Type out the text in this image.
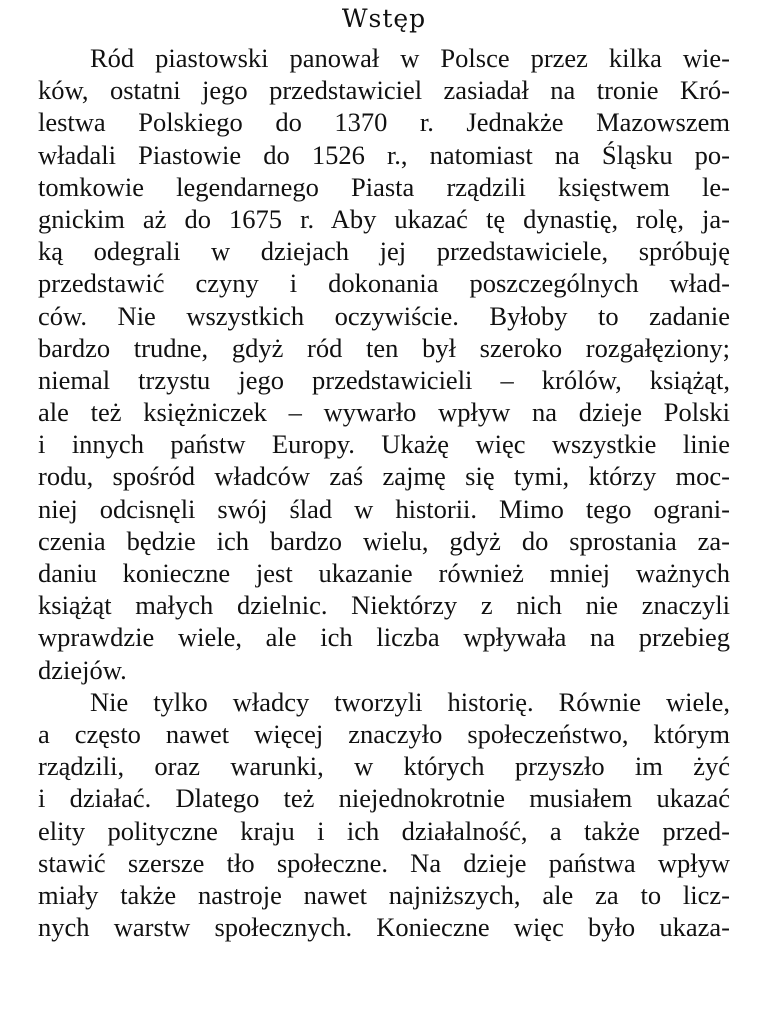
Wstęp
Ród piastowski panował w Polsce przez kilka wie-
ków, ostatni jego przedstawiciel zasiadał na tronie Kró-
lestwa Polskiego do 1370 r. Jednakże Mazowszem
władali Piastowie do 1526 r., natomiast na Śląsku po-
tomkowie legendarnego Piasta rządzili księstwem le-
gnickim aż do 1675 r. Aby ukazać tę dynastię, rolę, ja-
ką odegrali w dziejach jej przedstawiciele, spróbuję
przedstawić czyny i dokonania poszczególnych wład-
ców. Nie wszystkich oczywiście. Byłoby to zadanie
bardzo trudne, gdyż ród ten był szeroko rozgałęziony;
niemal trzystu jego przedstawicieli – królów, książąt,
ale też księżniczek – wywarło wpływ na dzieje Polski
i innych państw Europy. Ukażę więc wszystkie linie
rodu, spośród władców zaś zajmę się tymi, którzy moc-
niej odcisnęli swój ślad w historii. Mimo tego ograni-
czenia będzie ich bardzo wielu, gdyż do sprostania za-
daniu konieczne jest ukazanie również mniej ważnych
książąt małych dzielnic. Niektórzy z nich nie znaczyli
wprawdzie wiele, ale ich liczba wpływała na przebieg
dziejów.
Nie tylko władcy tworzyli historię. Równie wiele,
a często nawet więcej znaczyło społeczeństwo, którym
rządzili, oraz warunki, w których przyszło im żyć
i działać. Dlatego też niejednokrotnie musiałem ukazać
elity polityczne kraju i ich działalność, a także przed-
stawić szersze tło społeczne. Na dzieje państwa wpływ
miały także nastroje nawet najniższych, ale za to licz-
nych warstw społecznych. Konieczne więc było ukaza-
